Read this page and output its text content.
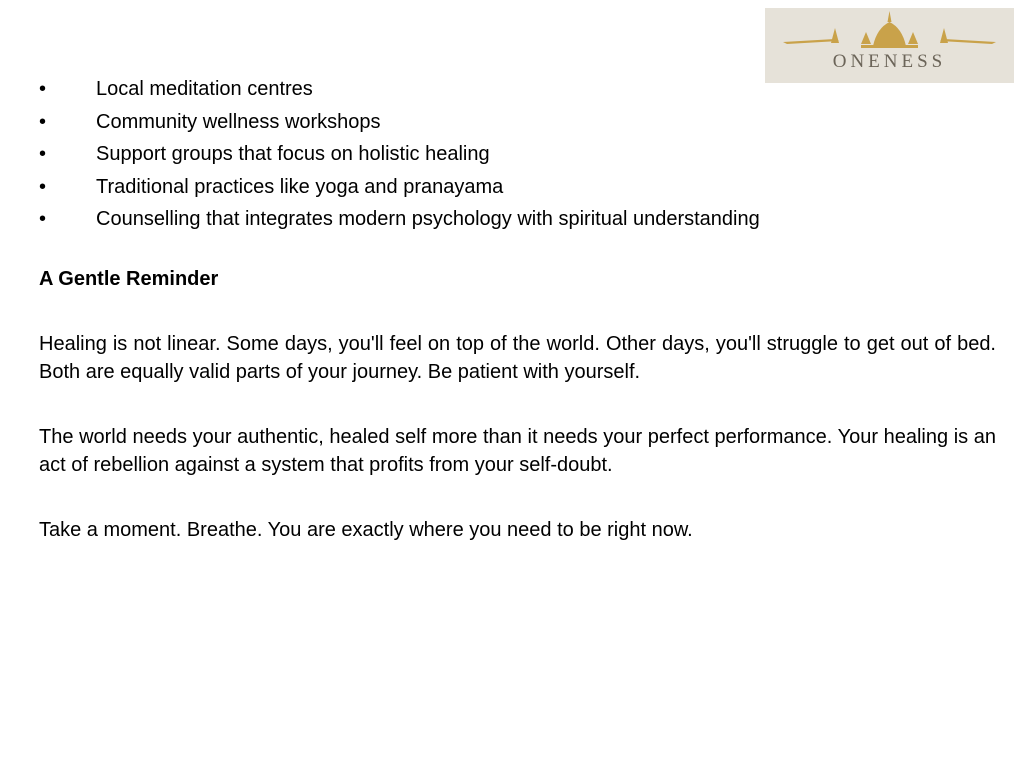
ONENESS
• Local meditation centres
• Community wellness workshops
• Support groups that focus on holistic healing
• Traditional practices like yoga and pranayama
• Counselling that integrates modern psychology with spiritual understanding
A Gentle Reminder

Healing is not linear. Some days, you'll feel on top of the world. Other days, you'll struggle to get out of bed. Both are equally valid parts of your journey. Be patient with yourself.

The world needs your authentic, healed self more than it needs your perfect performance. Your healing is an act of rebellion against a system that profits from your self-doubt.

Take a moment. Breathe. You are exactly where you need to be right now.
